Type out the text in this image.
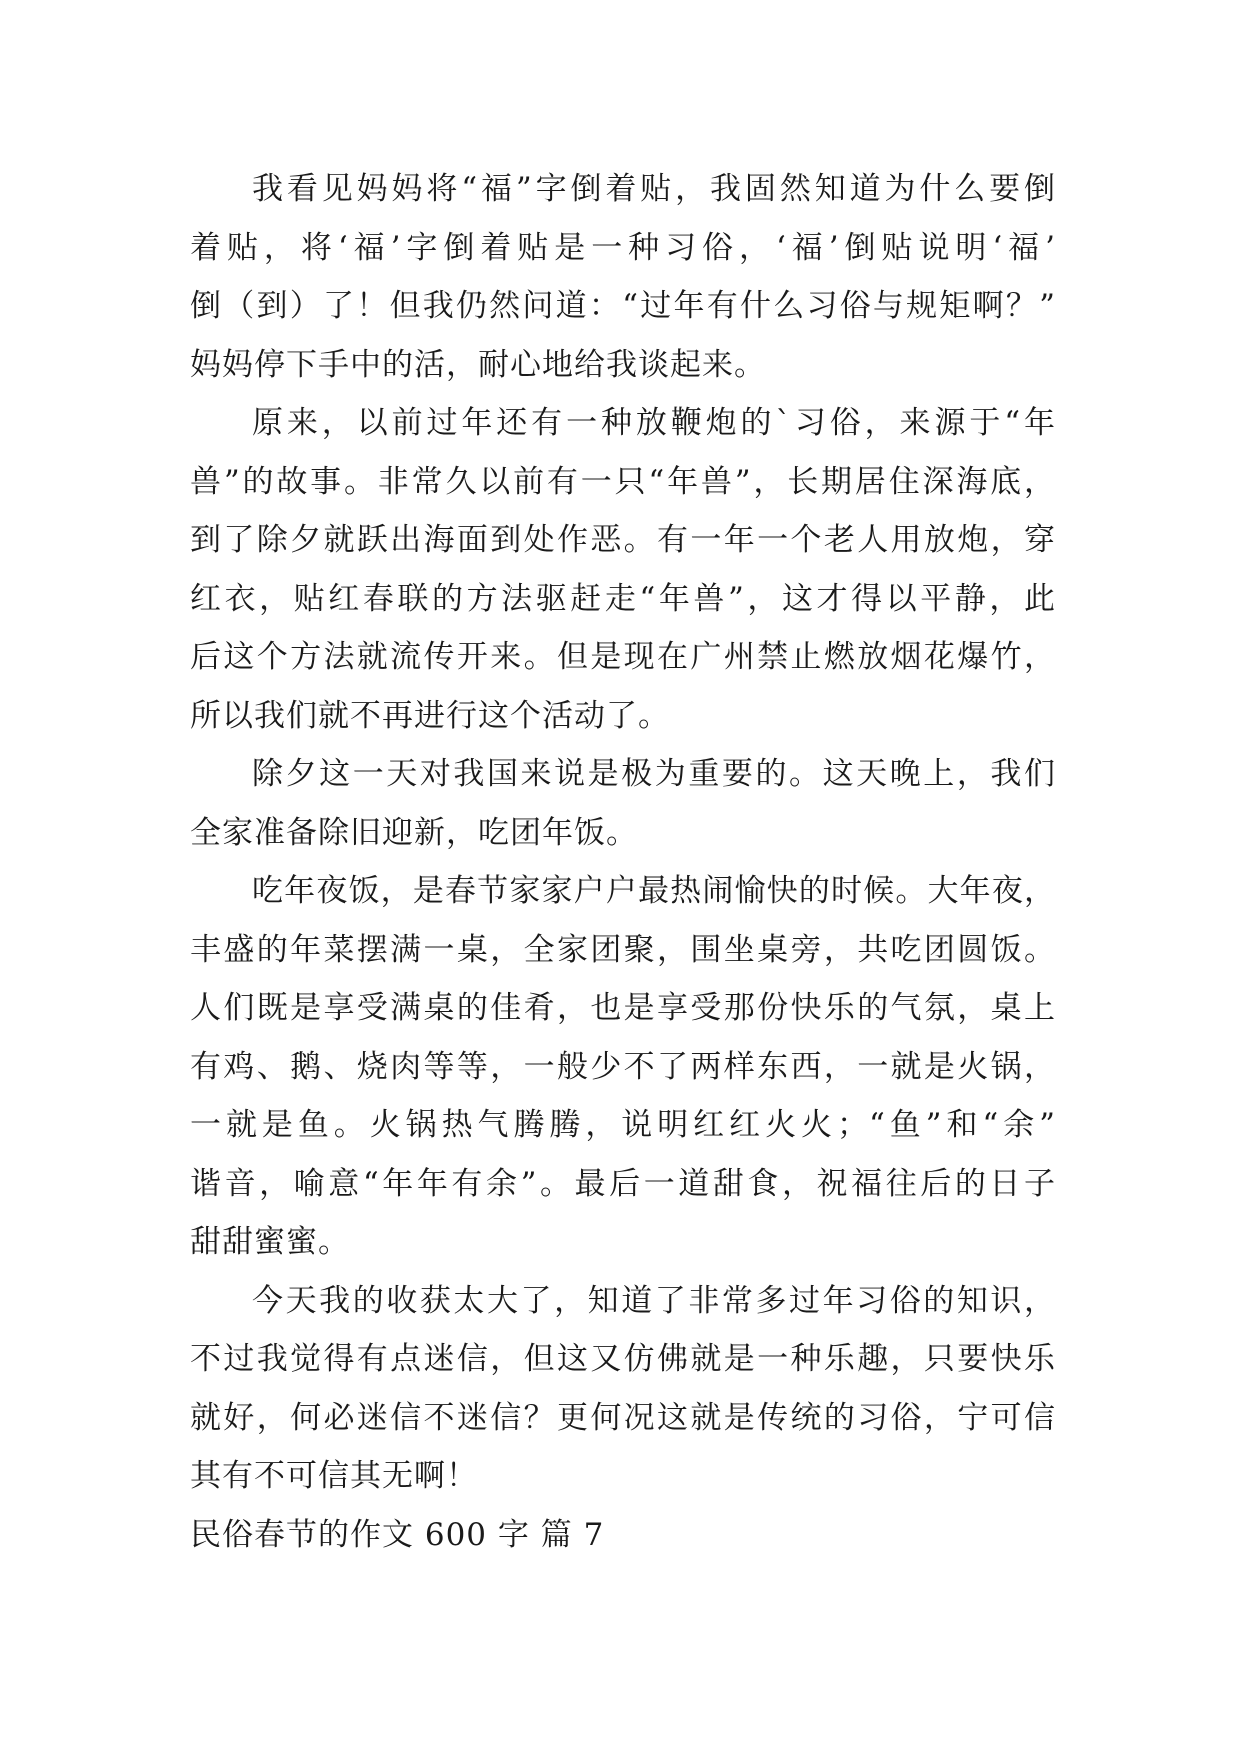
我看见妈妈将“福”字倒着贴，我固然知道为什么要倒
着贴，将‘福’字倒着贴是一种习俗，‘福’倒贴说明‘福’
倒（到）了！但我仍然问道：“过年有什么习俗与规矩啊？”
妈妈停下手中的活，耐心地给我谈起来。
原来，以前过年还有一种放鞭炮的`习俗，来源于“年
兽”的故事。非常久以前有一只“年兽”，长期居住深海底，
到了除夕就跃出海面到处作恶。有一年一个老人用放炮，穿
红衣，贴红春联的方法驱赶走“年兽”，这才得以平静，此
后这个方法就流传开来。但是现在广州禁止燃放烟花爆竹，
所以我们就不再进行这个活动了。
除夕这一天对我国来说是极为重要的。这天晚上，我们
全家准备除旧迎新，吃团年饭。
吃年夜饭，是春节家家户户最热闹愉快的时候。大年夜，
丰盛的年菜摆满一桌，全家团聚，围坐桌旁，共吃团圆饭。
人们既是享受满桌的佳肴，也是享受那份快乐的气氛，桌上
有鸡、鹅、烧肉等等，一般少不了两样东西，一就是火锅，
一就是鱼。火锅热气腾腾，说明红红火火；“鱼”和“余”
谐音，喻意“年年有余”。最后一道甜食，祝福往后的日子
甜甜蜜蜜。
今天我的收获太大了，知道了非常多过年习俗的知识，
不过我觉得有点迷信，但这又仿佛就是一种乐趣，只要快乐
就好，何必迷信不迷信？更何况这就是传统的习俗，宁可信
其有不可信其无啊！
民俗春节的作文 600 字 篇 7
